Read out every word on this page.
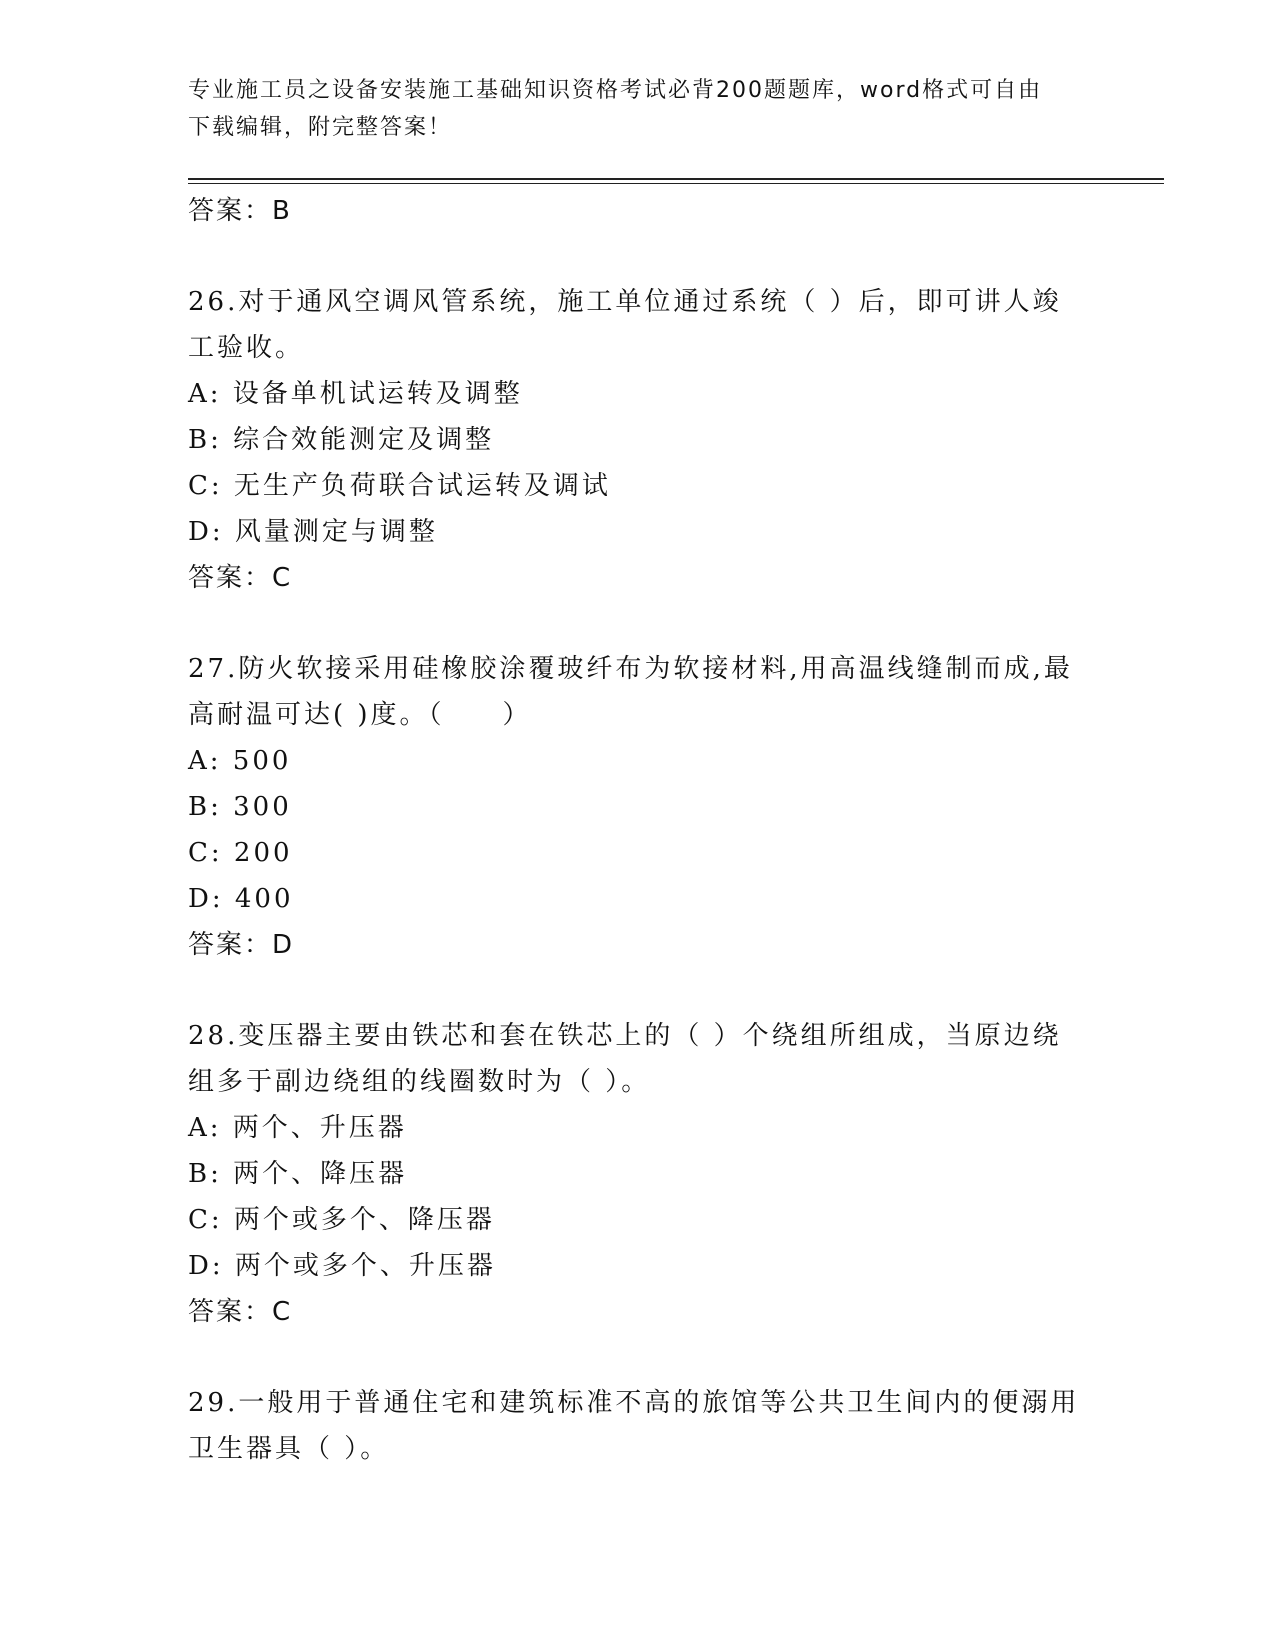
专业施工员之设备安装施工基础知识资格考试必背200题题库，word格式可自由
下载编辑，附完整答案！
答案：B
26.对于通风空调风管系统，施工单位通过系统（ ）后，即可讲人竣
工验收。
A: 设备单机试运转及调整
B: 综合效能测定及调整
C: 无生产负荷联合试运转及调试
D: 风量测定与调整
答案：C
27.防火软接采用硅橡胶涂覆玻纤布为软接材料,用高温线缝制而成,最
高耐温可达( )度。（　　）
A: 500
B: 300
C: 200
D: 400
答案：D
28.变压器主要由铁芯和套在铁芯上的（ ）个绕组所组成，当原边绕
组多于副边绕组的线圈数时为（ ）。
A: 两个、升压器
B: 两个、降压器
C: 两个或多个、降压器
D: 两个或多个、升压器
答案：C
29.一般用于普通住宅和建筑标准不高的旅馆等公共卫生间内的便溺用
卫生器具（ ）。
